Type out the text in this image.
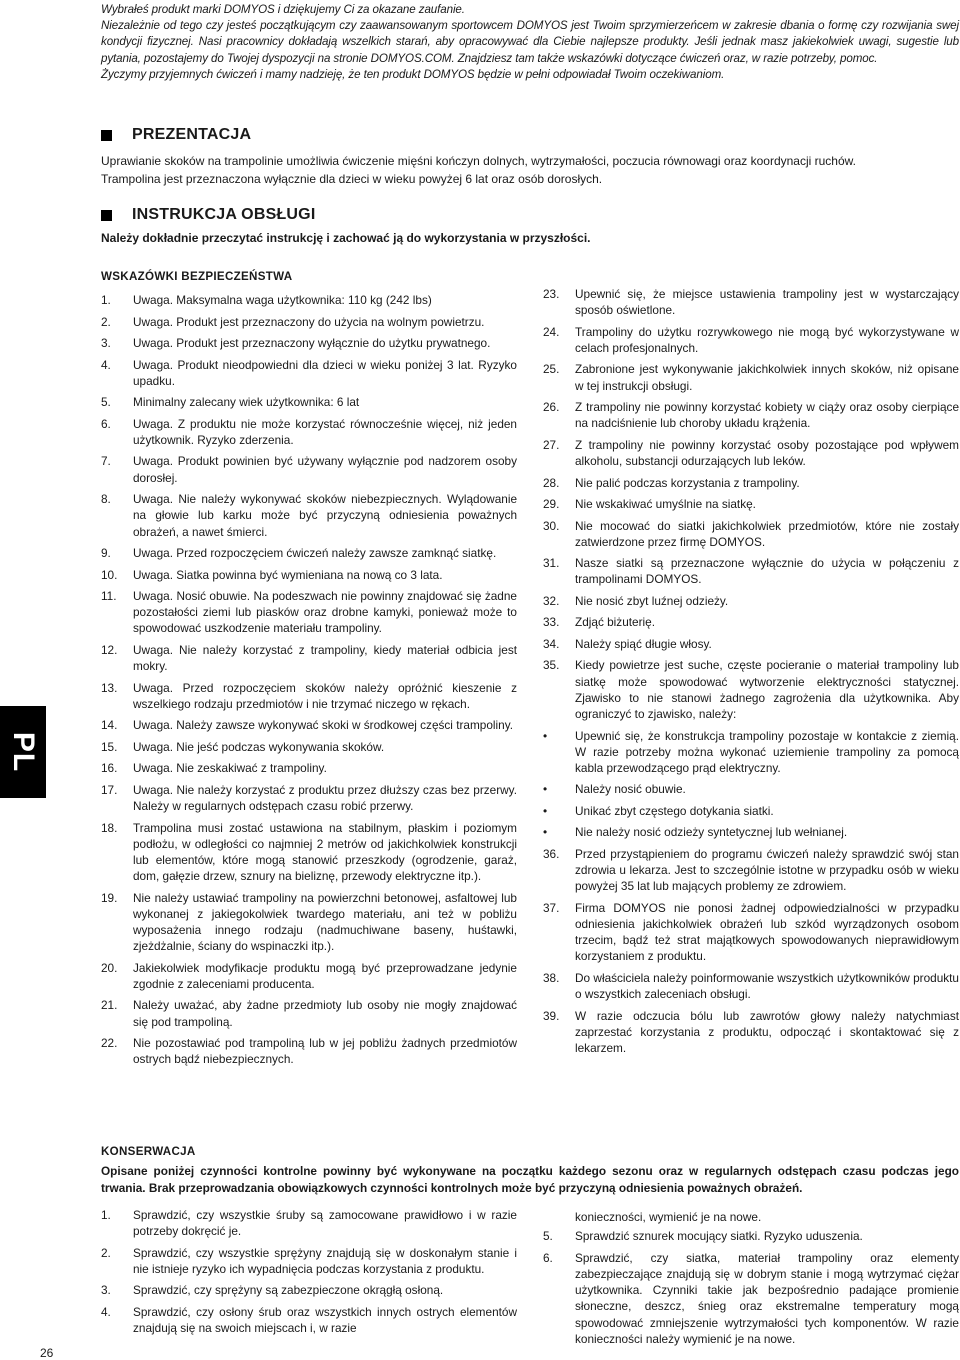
PL
26

Wybrałeś produkt marki DOMYOS i dziękujemy Ci za okazane zaufanie.

Niezależnie od tego czy jesteś początkującym czy zaawansowanym sportowcem DOMYOS jest Twoim sprzymierzeńcem w zakresie dbania o formę czy rozwijania swej kondycji fizycznej. Nasi pracownicy dokładają wszelkich starań, aby opracowywać dla Ciebie najlepsze produkty. Jeśli jednak masz jakiekolwiek uwagi, sugestie lub pytania, pozostajemy do Twojej dyspozycji na stronie DOMYOS.COM. Znajdziesz tam także wskazówki dotyczące ćwiczeń oraz, w razie potrzeby, pomoc.

Życzymy przyjemnych ćwiczeń i mamy nadzieję, że ten produkt DOMYOS będzie w pełni odpowiadał Twoim oczekiwaniom.

PREZENTACJA

Uprawianie skoków na trampolinie umożliwia ćwiczenie mięśni kończyn dolnych, wytrzymałości, poczucia równowagi oraz koordynacji ruchów.

Trampolina jest przeznaczona wyłącznie dla dzieci w wieku powyżej 6 lat oraz osób dorosłych.

INSTRUKCJA OBSŁUGI
Należy dokładnie przeczytać instrukcję i zachować ją do wykorzystania w przyszłości.
WSKAZÓWKI BEZPIECZEŃSTWA
1.	Uwaga. Maksymalna waga użytkownika: 110 kg (242 lbs)
2.	Uwaga. Produkt jest przeznaczony do użycia na wolnym powietrzu.
3.	Uwaga. Produkt jest przeznaczony wyłącznie do użytku prywatnego.
4.	Uwaga. Produkt nieodpowiedni dla dzieci w wieku poniżej 3 lat. Ryzyko upadku.
5.	Minimalny zalecany wiek użytkownika: 6 lat
6.	Uwaga. Z produktu nie może korzystać równocześnie więcej, niż jeden użytkownik. Ryzyko zderzenia.
7.	Uwaga. Produkt powinien być używany wyłącznie pod nadzorem osoby dorosłej.
8.	Uwaga. Nie należy wykonywać skoków niebezpiecznych. Wylądowanie na głowie lub karku może być przyczyną odniesienia poważnych obrażeń, a nawet śmierci.
9.	Uwaga. Przed rozpoczęciem ćwiczeń należy zawsze zamknąć siatkę.
10.	Uwaga. Siatka powinna być wymieniana na nową co 3 lata.
11.	Uwaga. Nosić obuwie. Na podeszwach nie powinny znajdować się żadne pozostałości ziemi lub piasków oraz drobne kamyki, ponieważ może to spowodować uszkodzenie materiału trampoliny.
12.	Uwaga. Nie należy korzystać z trampoliny, kiedy materiał odbicia jest mokry.
13.	Uwaga. Przed rozpoczęciem skoków należy opróżnić kieszenie z wszelkiego rodzaju przedmiotów i nie trzymać niczego w rękach.
14.	Uwaga. Należy zawsze wykonywać skoki w środkowej części trampoliny.
15.	Uwaga. Nie jeść podczas wykonywania skoków.
16.	Uwaga. Nie zeskakiwać z trampoliny.
17.	Uwaga. Nie należy korzystać z produktu przez dłuższy czas bez przerwy. Należy w regularnych odstępach czasu robić przerwy.
18.	Trampolina musi zostać ustawiona na stabilnym, płaskim i poziomym podłożu, w odległości co najmniej 2 metrów od jakichkolwiek konstrukcji lub elementów, które mogą stanowić przeszkody (ogrodzenie, garaż, dom, gałęzie drzew, sznury na bieliznę, przewody elektryczne itp.).
19.	Nie należy ustawiać trampoliny na powierzchni betonowej, asfaltowej lub wykonanej z jakiegokolwiek twardego materiału, ani też w pobliżu wyposażenia innego rodzaju (nadmuchiwane baseny, huśtawki, zjeżdżalnie, ściany do wspinaczki itp.).
20.	Jakiekolwiek modyfikacje produktu mogą być przeprowadzane jedynie zgodnie z zaleceniami producenta.
21.	Należy uważać, aby żadne przedmioty lub osoby nie mogły znajdować się pod trampoliną.
22.	Nie pozostawiać pod trampoliną lub w jej pobliżu żadnych przedmiotów ostrych bądź niebezpiecznych.
23.	Upewnić się, że miejsce ustawienia trampoliny jest w wystarczający sposób oświetlone.
24.	Trampoliny do użytku rozrywkowego nie mogą być wykorzystywane w celach profesjonalnych.
25.	Zabronione jest wykonywanie jakichkolwiek innych skoków, niż opisane w tej instrukcji obsługi.
26.	Z trampoliny nie powinny korzystać kobiety w ciąży oraz osoby cierpiące na nadciśnienie lub choroby układu krążenia.
27.	Z trampoliny nie powinny korzystać osoby pozostające pod wpływem alkoholu, substancji odurzających lub leków.
28.	Nie palić podczas korzystania z trampoliny.
29.	Nie wskakiwać umyślnie na siatkę.
30.	Nie mocować do siatki jakichkolwiek przedmiotów, które nie zostały zatwierdzone przez firmę DOMYOS.
31.	Nasze siatki są przeznaczone wyłącznie do użycia w połączeniu z trampolinami DOMYOS.
32.	Nie nosić zbyt luźnej odzieży.
33.	Zdjąć biżuterię.
34.	Należy spiąć długie włosy.
35.	Kiedy powietrze jest suche, częste pocieranie o materiał trampoliny lub siatkę może spowodować wytworzenie elektryczności statycznej. Zjawisko to nie stanowi żadnego zagrożenia dla użytkownika. Aby ograniczyć to zjawisko, należy:
•	Upewnić się, że konstrukcja trampoliny pozostaje w kontakcie z ziemią. W razie potrzeby można wykonać uziemienie trampoliny za pomocą kabla przewodzącego prąd elektryczny.
•	Należy nosić obuwie.
•	Unikać zbyt częstego dotykania siatki.
•	Nie należy nosić odzieży syntetycznej lub wełnianej.
36.	Przed przystąpieniem do programu ćwiczeń należy sprawdzić swój stan zdrowia u lekarza. Jest to szczególnie istotne w przypadku osób w wieku powyżej 35 lat lub mających problemy ze zdrowiem.
37.	Firma DOMYOS nie ponosi żadnej odpowiedzialności w przypadku odniesienia jakichkolwiek obrażeń lub szkód wyrządzonych osobom trzecim, bądź też strat majątkowych spowodowanych nieprawidłowym korzystaniem z produktu.
38.	Do właściciela należy poinformowanie wszystkich użytkowników produktu o wszystkich zaleceniach obsługi.
39.	W razie odczucia bólu lub zawrotów głowy należy natychmiast zaprzestać korzystania z produktu, odpocząć i skontaktować się z lekarzem.
KONSERWACJA

Opisane poniżej czynności kontrolne powinny być wykonywane na początku każdego sezonu oraz w regularnych odstępach czasu podczas jego trwania. Brak przeprowadzania obowiązkowych czynności kontrolnych może być przyczyną odniesienia poważnych obrażeń.

1.	Sprawdzić, czy wszystkie śruby są zamocowane prawidłowo i w razie potrzeby dokręcić je.
2.	Sprawdzić, czy wszystkie sprężyny znajdują się w doskonałym stanie i nie istnieje ryzyko ich wypadnięcia podczas korzystania z produktu.
3.	Sprawdzić, czy sprężyny są zabezpieczone okrągłą osłoną.
4.	Sprawdzić, czy osłony śrub oraz wszystkich innych ostrych elementów znajdują się na swoich miejscach i, w razie
konieczności, wymienić je na nowe.
5.	Sprawdzić sznurek mocujący siatki. Ryzyko uduszenia.
6.	Sprawdzić, czy siatka, materiał trampoliny oraz elementy zabezpieczające znajdują się w dobrym stanie i mogą wytrzymać ciężar użytkownika. Czynniki takie jak bezpośrednio padające promienie słoneczne, deszcz, śnieg oraz ekstremalne temperatury mogą spowodować zmniejszenie wytrzymałości tych komponentów. W razie konieczności należy wymienić je na nowe.
